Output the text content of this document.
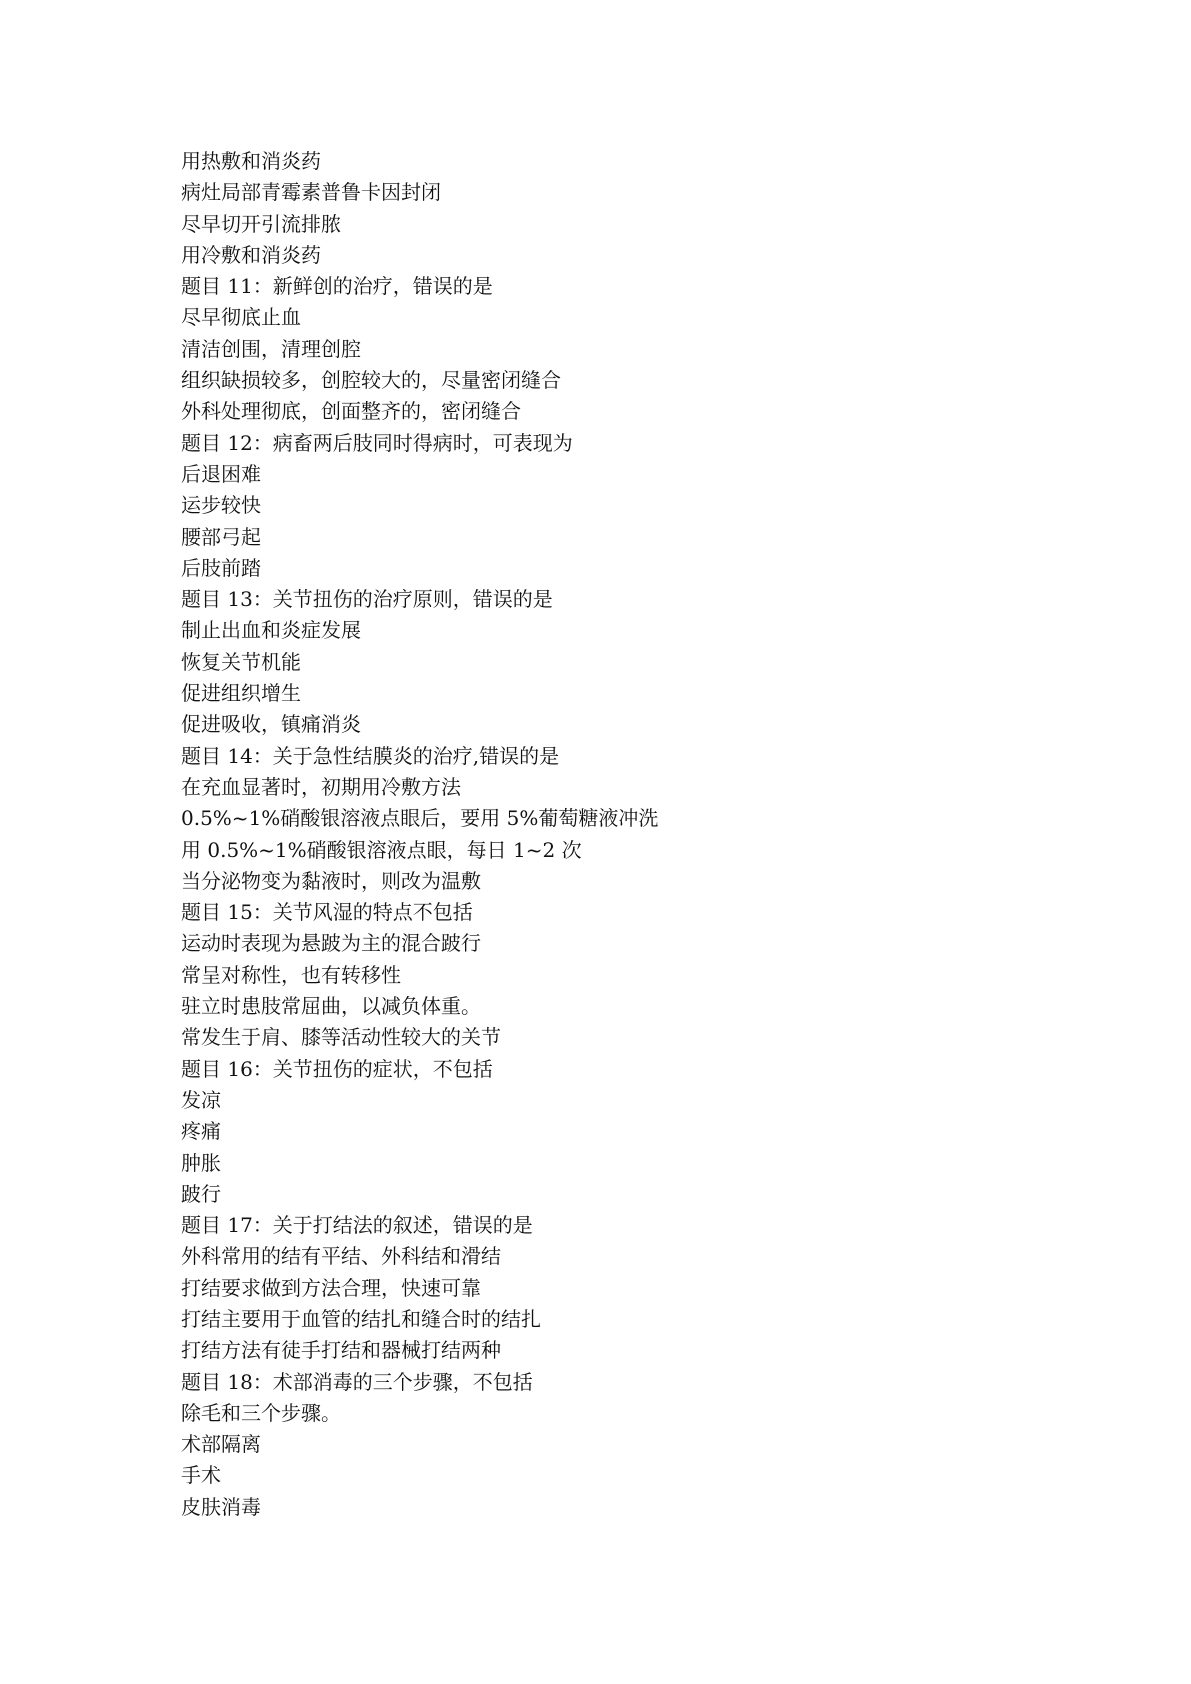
用热敷和消炎药
病灶局部青霉素普鲁卡因封闭
尽早切开引流排脓
用冷敷和消炎药
题目 11：新鲜创的治疗，错误的是
尽早彻底止血
清洁创围，清理创腔
组织缺损较多，创腔较大的，尽量密闭缝合
外科处理彻底，创面整齐的，密闭缝合
题目 12：病畜两后肢同时得病时，可表现为
后退困难
运步较快
腰部弓起
后肢前踏
题目 13：关节扭伤的治疗原则，错误的是
制止出血和炎症发展
恢复关节机能
促进组织增生
促进吸收，镇痛消炎
题目 14：关于急性结膜炎的治疗,错误的是
在充血显著时，初期用冷敷方法
0.5%~1%硝酸银溶液点眼后，要用 5%葡萄糖液冲洗
用 0.5%~1%硝酸银溶液点眼，每日 1~2 次
当分泌物变为黏液时，则改为温敷
题目 15：关节风湿的特点不包括
运动时表现为悬跛为主的混合跛行
常呈对称性，也有转移性
驻立时患肢常屈曲，以减负体重。
常发生于肩、膝等活动性较大的关节
题目 16：关节扭伤的症状，不包括
发凉
疼痛
肿胀
跛行
题目 17：关于打结法的叙述，错误的是
外科常用的结有平结、外科结和滑结
打结要求做到方法合理，快速可靠
打结主要用于血管的结扎和缝合时的结扎
打结方法有徒手打结和器械打结两种
题目 18：术部消毒的三个步骤，不包括
除毛和三个步骤。
术部隔离
手术
皮肤消毒
